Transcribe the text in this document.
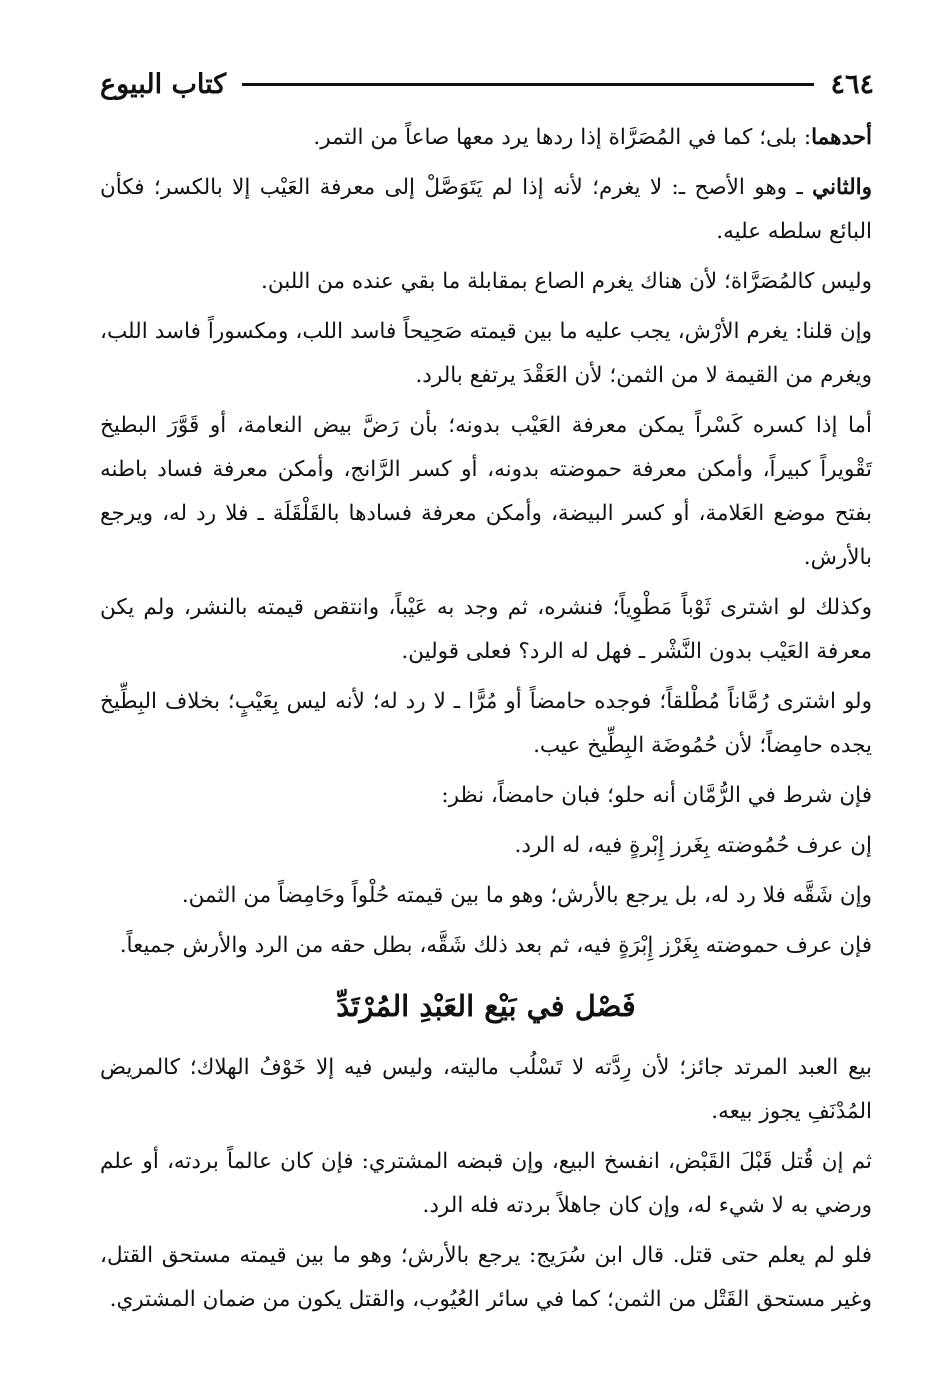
٤٦٤
كتاب البيوع

أحدهما: بلى؛ كما في المُصَرَّاة إذا ردها يرد معها صاعاً من التمر.

والثاني ـ وهو الأصح ـ: لا يغرم؛ لأنه إذا لم يَتَوَصَّلْ إلى معرفة العَيْب إلا بالكسر؛ فكأن البائع سلطه عليه.

وليس كالمُصَرَّاة؛ لأن هناك يغرم الصاع بمقابلة ما بقي عنده من اللبن.

وإن قلنا: يغرم الأرْش، يجب عليه ما بين قيمته صَحِيحاً فاسد اللب، ومكسوراً فاسد اللب، ويغرم من القيمة لا من الثمن؛ لأن العَقْدَ يرتفع بالرد.

أما إذا كسره كَسْراً يمكن معرفة العَيْب بدونه؛ بأن رَضَّ بيض النعامة، أو قَوَّرَ البطيخ تَقْويراً كبيراً، وأمكن معرفة حموضته بدونه، أو كسر الرَّانج، وأمكن معرفة فساد باطنه بفتح موضع العَلامة، أو كسر البيضة، وأمكن معرفة فسادها بالقَلْقَلَة ـ فلا رد له، ويرجع بالأرش.

وكذلك لو اشترى ثَوْباً مَطْوِياً؛ فنشره، ثم وجد به عَيْباً، وانتقص قيمته بالنشر، ولم يكن معرفة العَيْب بدون النَّشْر ـ فهل له الرد؟ فعلى قولين.

ولو اشترى رُمَّاناً مُطْلقاً؛ فوجده حامضاً أو مُرًّا ـ لا رد له؛ لأنه ليس بِعَيْبٍ؛ بخلاف البِطِّيخ يجده حامِضاً؛ لأن حُمُوضَة البِطِّيخ عيب.

فإن شرط في الرُّمَّان أنه حلو؛ فبان حامضاً، نظر:

إن عرف حُمُوضته بِغَرز إِبْرةٍ فيه، له الرد.

وإن شَقَّه فلا رد له، بل يرجع بالأرش؛ وهو ما بين قيمته حُلْواً وحَامِضاً من الثمن.

فإن عرف حموضته بِغَرْز إِبْرَةٍ فيه، ثم بعد ذلك شَقَّه، بطل حقه من الرد والأرش جميعاً.

فَصْل في بَيْع العَبْدِ المُرْتَدِّ

بيع العبد المرتد جائز؛ لأن رِدَّته لا تَسْلُب ماليته، وليس فيه إلا خَوْفُ الهلاك؛ كالمريض المُدْنَفِ يجوز بيعه.

ثم إن قُتل قَبْلَ القَبْض، انفسخ البيع، وإن قبضه المشتري: فإن كان عالماً بردته، أو علم ورضي به لا شيء له، وإن كان جاهلاً بردته فله الرد.

فلو لم يعلم حتى قتل. قال ابن سُرَيج: يرجع بالأرش؛ وهو ما بين قيمته مستحق القتل، وغير مستحق القَتْل من الثمن؛ كما في سائر العُيُوب، والقتل يكون من ضمان المشتري.
